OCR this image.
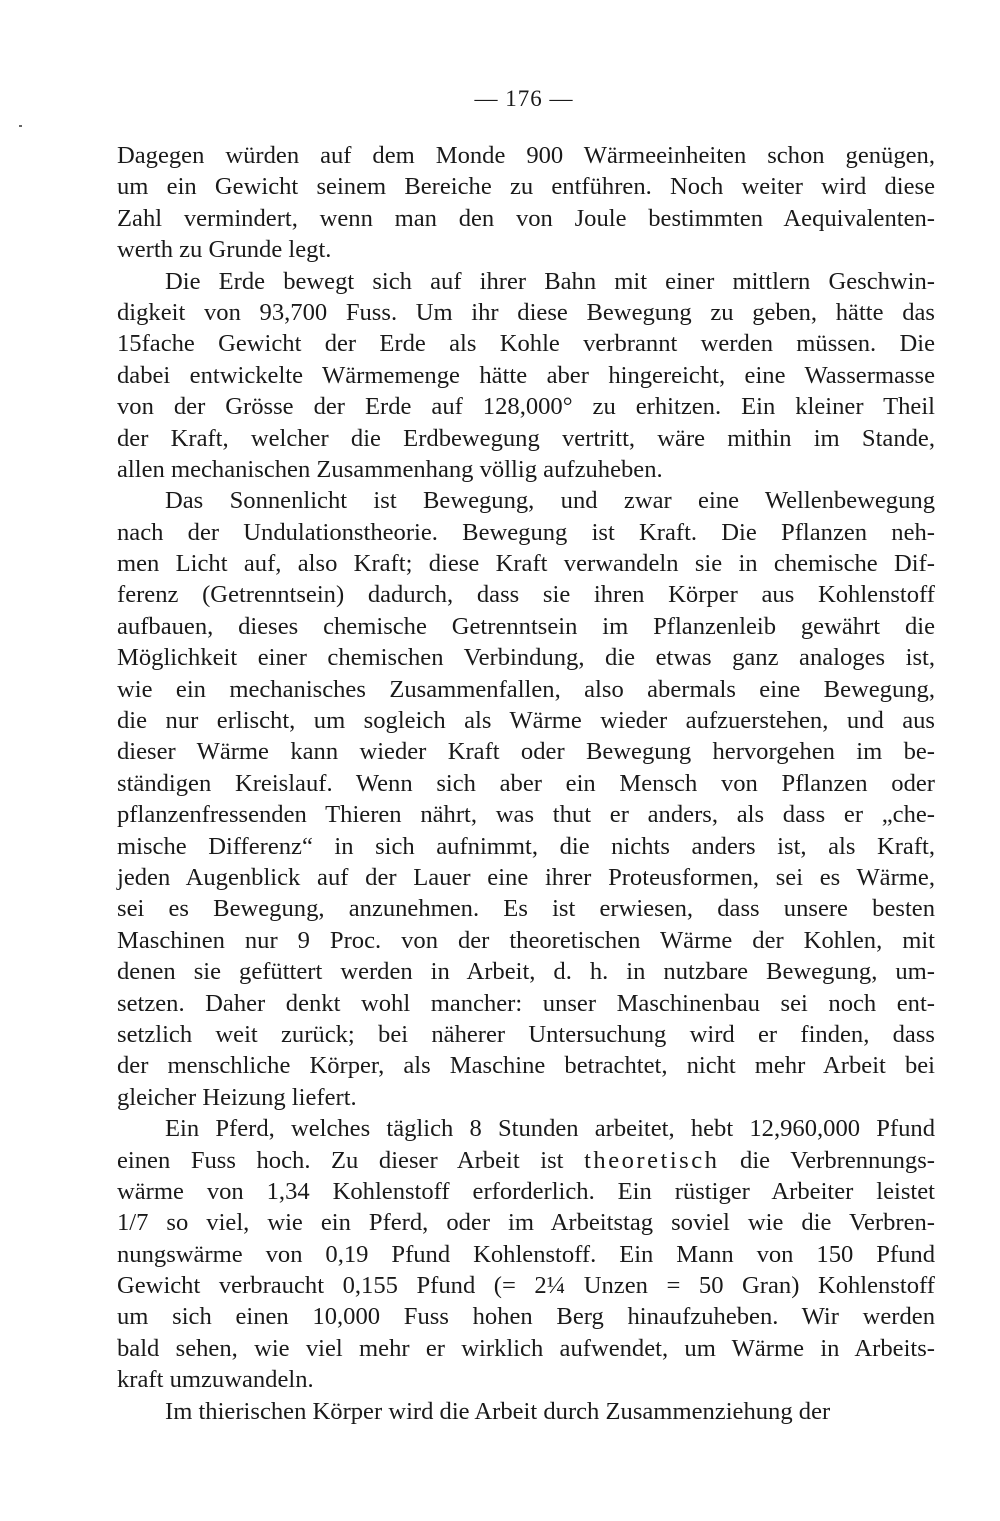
— 176 —
Dagegen würden auf dem Monde 900 Wärmeeinheiten schon genügen,
um ein Gewicht seinem Bereiche zu entführen. Noch weiter wird diese
Zahl vermindert, wenn man den von Joule bestimmten Aequivalenten-
werth zu Grunde legt.
Die Erde bewegt sich auf ihrer Bahn mit einer mittlern Geschwin-
digkeit von 93,700 Fuss. Um ihr diese Bewegung zu geben, hätte das
15fache Gewicht der Erde als Kohle verbrannt werden müssen. Die
dabei entwickelte Wärmemenge hätte aber hingereicht, eine Wassermasse
von der Grösse der Erde auf 128,000° zu erhitzen. Ein kleiner Theil
der Kraft, welcher die Erdbewegung vertritt, wäre mithin im Stande,
allen mechanischen Zusammenhang völlig aufzuheben.
Das Sonnenlicht ist Bewegung, und zwar eine Wellenbewegung
nach der Undulationstheorie. Bewegung ist Kraft. Die Pflanzen neh-
men Licht auf, also Kraft; diese Kraft verwandeln sie in chemische Dif-
ferenz (Getrenntsein) dadurch, dass sie ihren Körper aus Kohlenstoff
aufbauen, dieses chemische Getrenntsein im Pflanzenleib gewährt die
Möglichkeit einer chemischen Verbindung, die etwas ganz analoges ist,
wie ein mechanisches Zusammenfallen, also abermals eine Bewegung,
die nur erlischt, um sogleich als Wärme wieder aufzuerstehen, und aus
dieser Wärme kann wieder Kraft oder Bewegung hervorgehen im be-
ständigen Kreislauf. Wenn sich aber ein Mensch von Pflanzen oder
pflanzenfressenden Thieren nährt, was thut er anders, als dass er „che-
mische Differenz“ in sich aufnimmt, die nichts anders ist, als Kraft,
jeden Augenblick auf der Lauer eine ihrer Proteusformen, sei es Wärme,
sei es Bewegung, anzunehmen. Es ist erwiesen, dass unsere besten
Maschinen nur 9 Proc. von der theoretischen Wärme der Kohlen, mit
denen sie gefüttert werden in Arbeit, d. h. in nutzbare Bewegung, um-
setzen. Daher denkt wohl mancher: unser Maschinenbau sei noch ent-
setzlich weit zurück; bei näherer Untersuchung wird er finden, dass
der menschliche Körper, als Maschine betrachtet, nicht mehr Arbeit bei
gleicher Heizung liefert.
Ein Pferd, welches täglich 8 Stunden arbeitet, hebt 12,960,000 Pfund
einen Fuss hoch. Zu dieser Arbeit ist theoretisch die Verbrennungs-
wärme von 1,34 Kohlenstoff erforderlich. Ein rüstiger Arbeiter leistet
1/7 so viel, wie ein Pferd, oder im Arbeitstag soviel wie die Verbren-
nungswärme von 0,19 Pfund Kohlenstoff. Ein Mann von 150 Pfund
Gewicht verbraucht 0,155 Pfund (= 2¼ Unzen = 50 Gran) Kohlenstoff
um sich einen 10,000 Fuss hohen Berg hinaufzuheben. Wir werden
bald sehen, wie viel mehr er wirklich aufwendet, um Wärme in Arbeits-
kraft umzuwandeln.
Im thierischen Körper wird die Arbeit durch Zusammenziehung der
